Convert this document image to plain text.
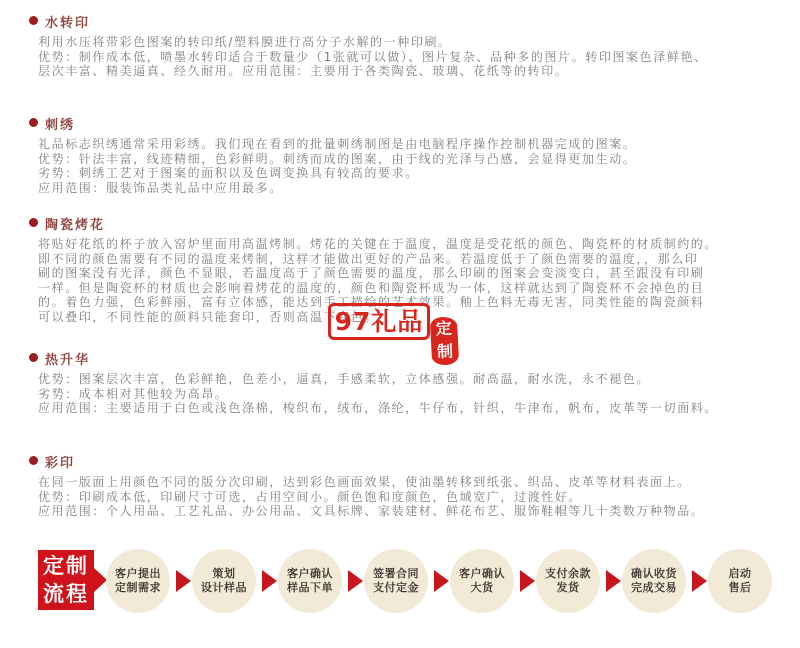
水转印
利用水压将带彩色图案的转印纸/塑料膜进行高分子水解的一种印刷。
优势：制作成本低，喷墨水转印适合于数量少（1张就可以做）、图片复杂、品种多的图片。转印图案色泽鲜艳、
层次丰富、精美逼真、经久耐用。应用范围：主要用于各类陶瓷、玻璃、花纸等的转印。
刺绣
礼品标志织绣通常采用彩绣。我们现在看到的批量刺绣制图是由电脑程序操作控制机器完成的图案。
优势：针法丰富，线迹精细，色彩鲜明。刺绣而成的图案，由于线的光泽与凸感，会显得更加生动。
劣势：刺绣工艺对于图案的面积以及色调变换具有较高的要求。
应用范围：服装饰品类礼品中应用最多。
陶瓷烤花
将贴好花纸的杯子放入窑炉里面用高温烤制。烤花的关键在于温度，温度是受花纸的颜色、陶瓷杯的材质制约的。
即不同的颜色需要有不同的温度来烤制，这样才能做出更好的产品来。若温度低于了颜色需要的温度，，那么印
刷的图案没有光泽，颜色不显眼，若温度高于了颜色需要的温度，那么印刷的图案会变淡变白，甚至跟没有印刷
一样。但是陶瓷杯的材质也会影响着烤花的温度的，颜色和陶瓷杯成为一体，这样就达到了陶瓷杯不会掉色的目
的。着色力强，色彩鲜丽，富有立体感，能达到手工描绘的艺术效果。釉上色料无毒无害，同类性能的陶瓷颜料
可以叠印，不同性能的颜料只能套印，否则高温下变色。
热升华
优势：图案层次丰富，色彩鲜艳，色差小，逼真，手感柔软，立体感强。耐高温，耐水洗，永不褪色。
劣势：成本相对其他较为高昂。
应用范围：主要适用于白色或浅色涤棉，梭织布，绒布，涤纶，牛仔布，针织，牛津布，帆布，皮革等一切面料。
彩印
在同一版面上用颜色不同的版分次印刷，达到彩色画面效果，使油墨转移到纸张、织品、皮革等材料表面上。
优势：印刷成本低，印刷尺寸可选，占用空间小。颜色饱和度颜色，色域宽广，过渡性好。
应用范围：个人用品、工艺礼品、办公用品、文具标牌、家装建材、鲜花布艺、服饰鞋帽等几十类数万种物品。
97礼品 定
制
定制
流程
客户提出
定制需求
策划
设计样品
客户确认
样品下单
签署合同
支付定金
客户确认
大货
支付余款
发货
确认收货
完成交易
启动
售后
